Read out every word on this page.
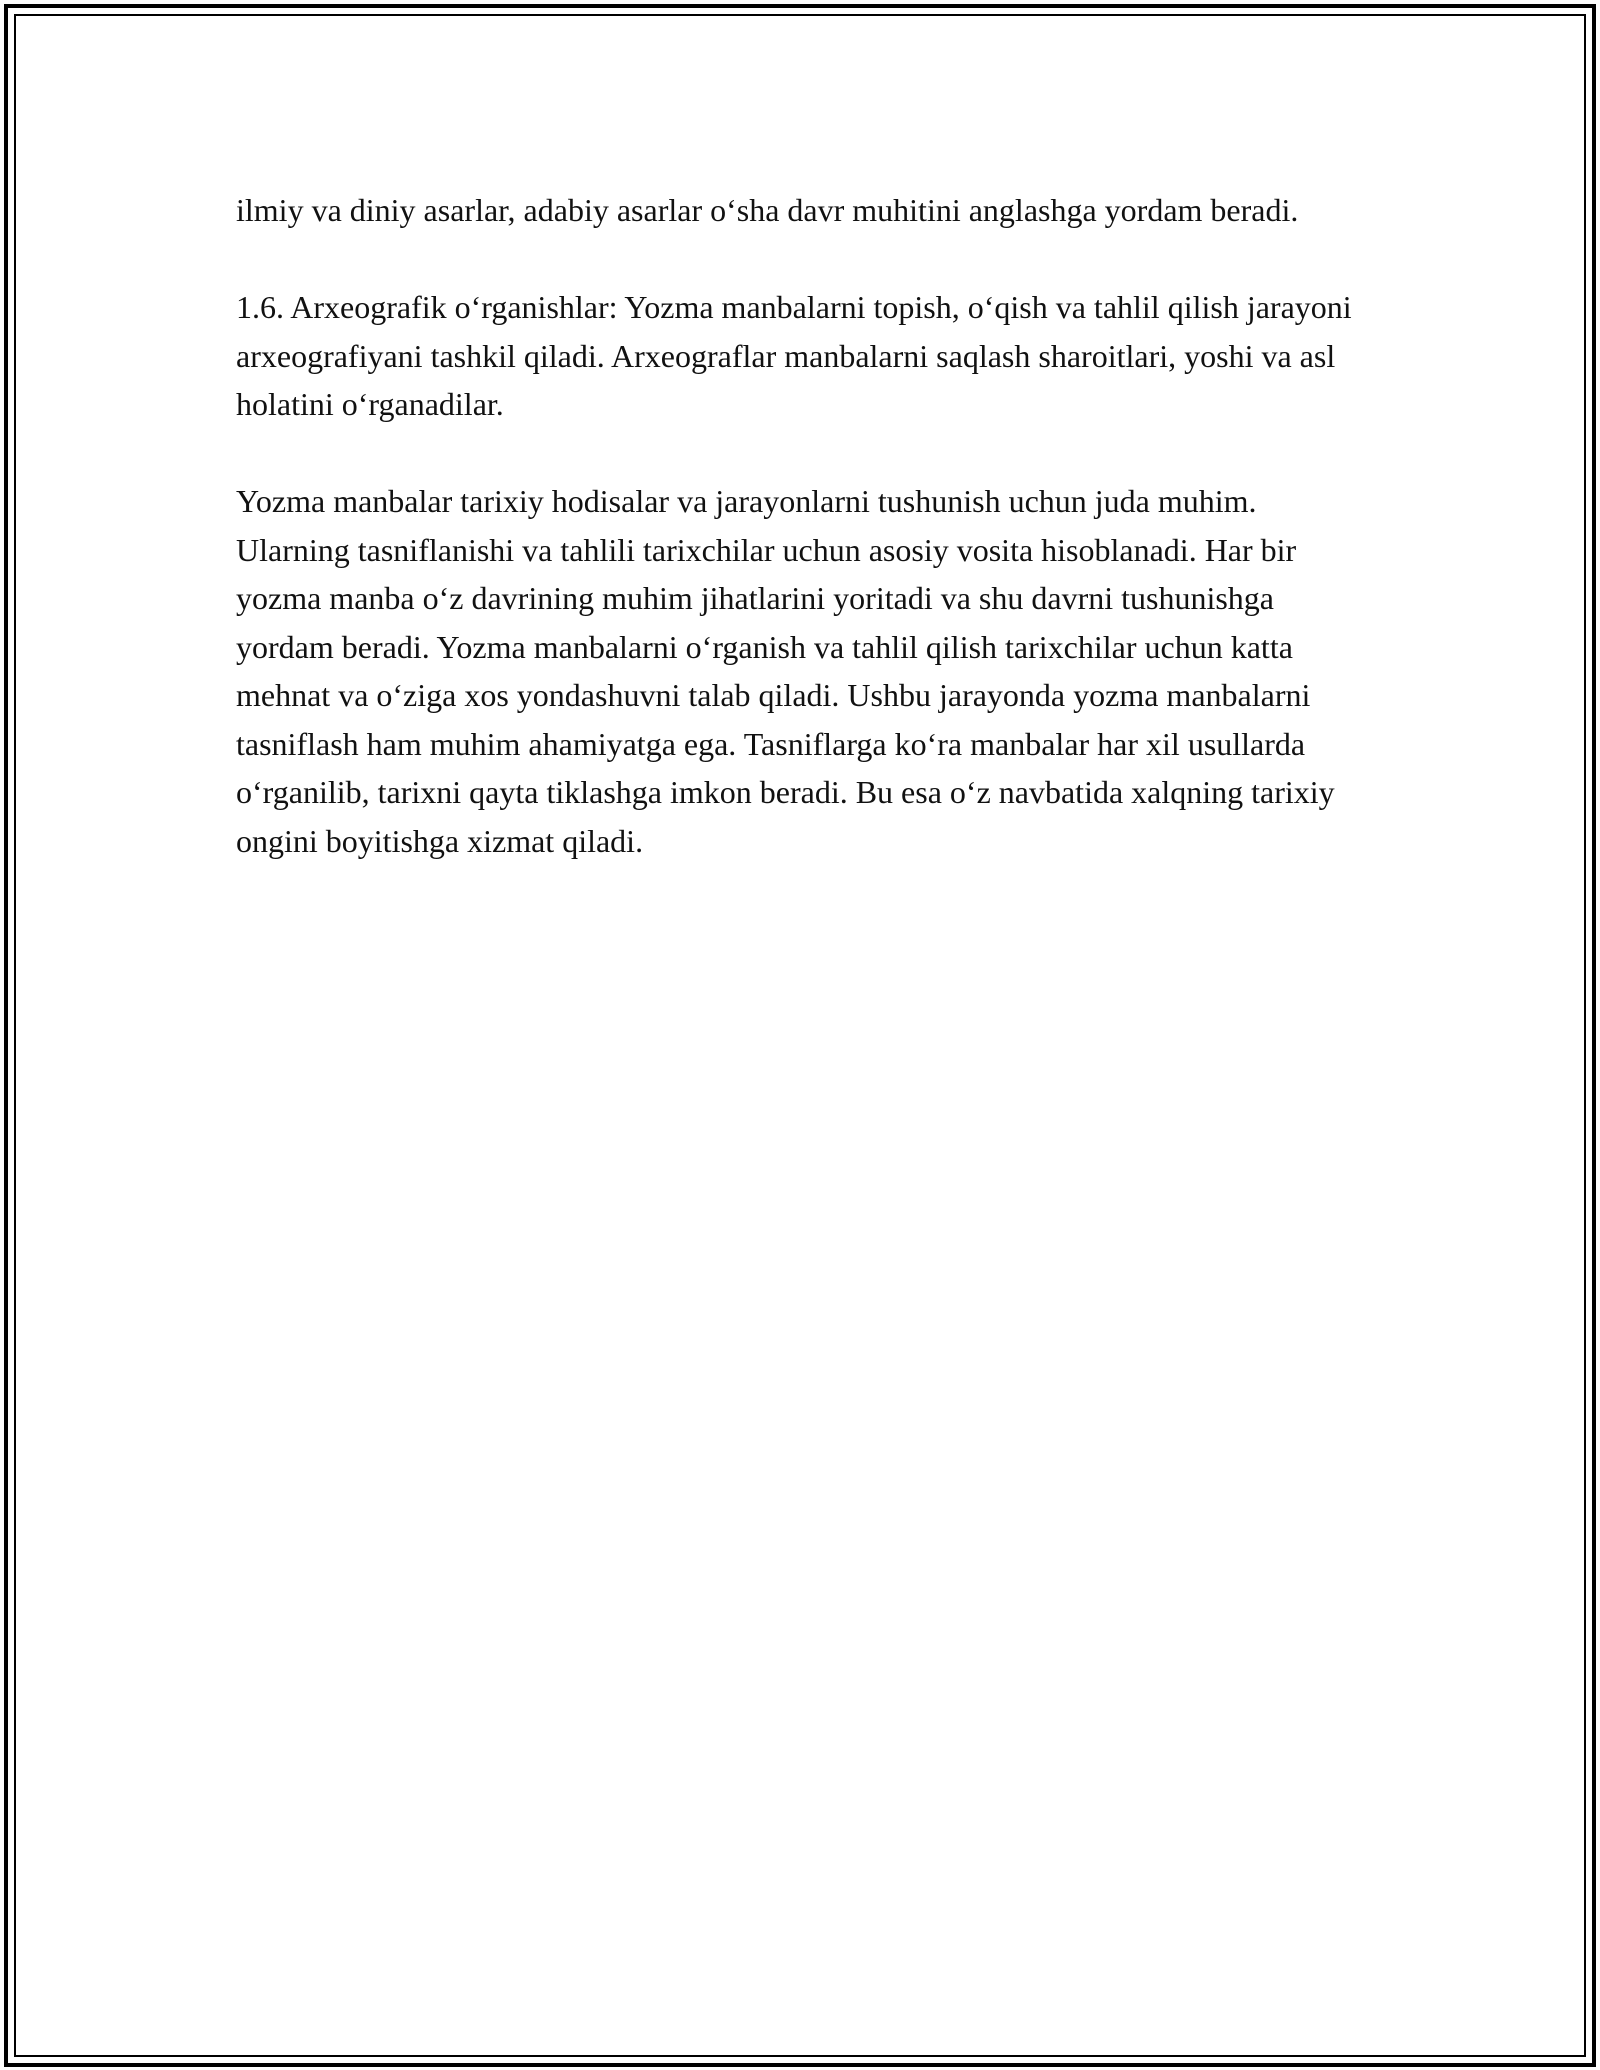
ilmiy va diniy asarlar, adabiy asarlar o‘sha davr muhitini anglashga yordam beradi.

1.6. Arxeografik o‘rganishlar: Yozma manbalarni topish, o‘qish va tahlil qilish jarayoni arxeografiyani tashkil qiladi. Arxeograflar manbalarni saqlash sharoitlari, yoshi va asl holatini o‘rganadilar.

Yozma manbalar tarixiy hodisalar va jarayonlarni tushunish uchun juda muhim. Ularning tasniflanishi va tahlili tarixchilar uchun asosiy vosita hisoblanadi. Har bir yozma manba o‘z davrining muhim jihatlarini yoritadi va shu davrni tushunishga yordam beradi. Yozma manbalarni o‘rganish va tahlil qilish tarixchilar uchun katta mehnat va o‘ziga xos yondashuvni talab qiladi. Ushbu jarayonda yozma manbalarni tasniflash ham muhim ahamiyatga ega. Tasniflarga ko‘ra manbalar har xil usullarda o‘rganilib, tarixni qayta tiklashga imkon beradi. Bu esa o‘z navbatida xalqning tarixiy ongini boyitishga xizmat qiladi.
